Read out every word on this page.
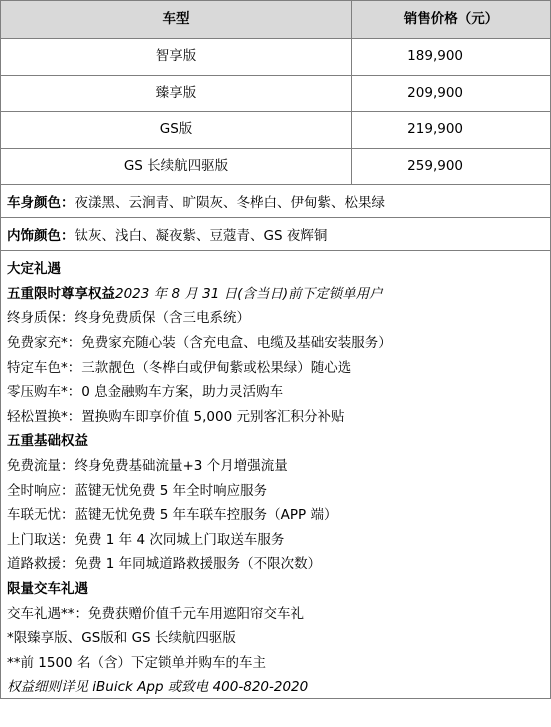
车型	销售价格（元）
智享版	189,900
臻享版	209,900
GS版	219,900
GS 长续航四驱版	259,900
车身颜色： 夜漾黑、云涧青、旷陨灰、冬桦白、伊甸紫、松果绿
内饰颜色： 钛灰、浅白、凝夜紫、豆蔻青、GS 夜辉铜
大定礼遇
五重限时尊享权益 2023 年 8 月 31 日(含当日)前下定锁单用户
终身质保：终身免费质保（含三电系统）
免费家充*：免费家充随心装（含充电盒、电缆及基础安装服务）
特定车色*：三款靓色（冬桦白或伊甸紫或松果绿）随心选
零压购车*：0 息金融购车方案，助力灵活购车
轻松置换*：置换购车即享价值 5,000 元别客汇积分补贴
五重基础权益
免费流量：终身免费基础流量+3 个月增强流量
全时响应：蓝键无忧免费 5 年全时响应服务
车联无忧：蓝键无忧免费 5 年车联车控服务（APP 端）
上门取送：免费 1 年 4 次同城上门取送车服务
道路救援：免费 1 年同城道路救援服务（不限次数）
限量交车礼遇
交车礼遇**：免费获赠价值千元车用遮阳帘交车礼
*限臻享版、GS版和 GS 长续航四驱版
**前 1500 名（含）下定锁单并购车的车主
权益细则详见 iBuick App 或致电 400-820-2020
